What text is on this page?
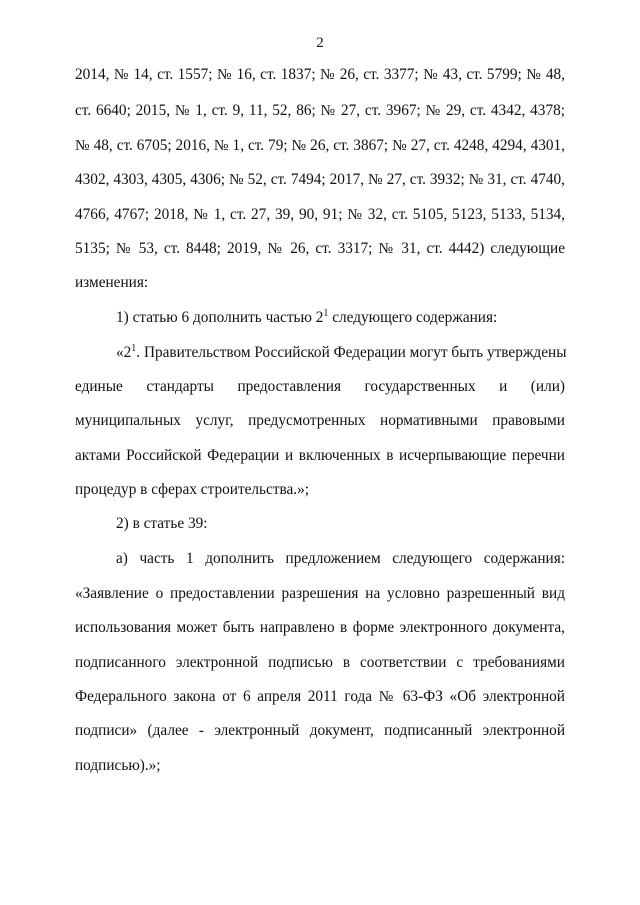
2
2014, № 14, ст. 1557; № 16, ст. 1837; № 26, ст. 3377; № 43, ст. 5799; № 48,
ст. 6640; 2015, № 1, ст. 9, 11, 52, 86; № 27, ст. 3967; № 29, ст. 4342, 4378;
№ 48, ст. 6705; 2016, № 1, ст. 79; № 26, ст. 3867; № 27, ст. 4248, 4294, 4301,
4302, 4303, 4305, 4306; № 52, ст. 7494; 2017, № 27, ст. 3932; № 31, ст. 4740,
4766, 4767; 2018, № 1, ст. 27, 39, 90, 91; № 32, ст. 5105, 5123, 5133, 5134,
5135; № 53, ст. 8448; 2019, № 26, ст. 3317; № 31, ст. 4442) следующие
изменения:
1) статью 6 дополнить частью $2^1$ следующего содержания:
«$2^1$. Правительством Российской Федерации могут быть утверждены
единые стандарты предоставления государственных и (или)
муниципальных услуг, предусмотренных нормативными правовыми
актами Российской Федерации и включенных в исчерпывающие перечни
процедур в сферах строительства.»;
2) в статье 39:
а) часть 1 дополнить предложением следующего содержания:
«Заявление о предоставлении разрешения на условно разрешенный вид
использования может быть направлено в форме электронного документа,
подписанного электронной подписью в соответствии с требованиями
Федерального закона от 6 апреля 2011 года № 63-ФЗ «Об электронной
подписи» (далее - электронный документ, подписанный электронной
подписью).»;
